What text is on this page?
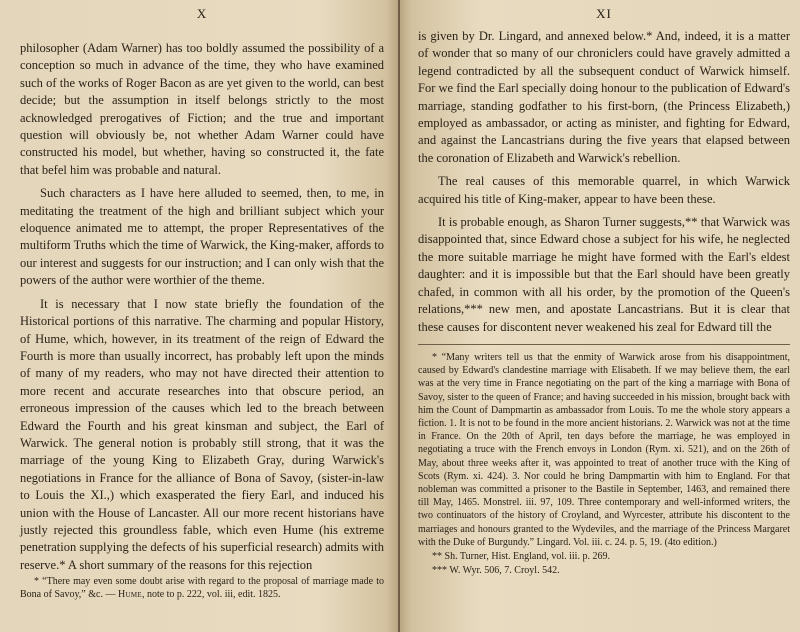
X

philosopher (Adam Warner) has too boldly assumed the possibility of a conception so much in advance of the time, they who have examined such of the works of Roger Bacon as are yet given to the world, can best decide; but the assumption in itself belongs strictly to the most acknowledged prerogatives of Fiction; and the true and important question will obviously be, not whether Adam Warner could have constructed his model, but whether, having so constructed it, the fate that befel him was probable and natural.

Such characters as I have here alluded to seemed, then, to me, in meditating the treatment of the high and brilliant subject which your eloquence animated me to attempt, the proper Representatives of the multiform Truths which the time of Warwick, the King-maker, affords to our interest and suggests for our instruction; and I can only wish that the powers of the author were worthier of the theme.

It is necessary that I now state briefly the foundation of the Historical portions of this narrative. The charming and popular History, of Hume, which, however, in its treatment of the reign of Edward the Fourth is more than usually incorrect, has probably left upon the minds of many of my readers, who may not have directed their attention to more recent and accurate researches into that obscure period, an erroneous impression of the causes which led to the breach between Edward the Fourth and his great kinsman and subject, the Earl of Warwick. The general notion is probably still strong, that it was the marriage of the young King to Elizabeth Gray, during Warwick's negotiations in France for the alliance of Bona of Savoy, (sister-in-law to Louis the XI.,) which exasperated the fiery Earl, and induced his union with the House of Lancaster. All our more recent historians have justly rejected this groundless fable, which even Hume (his extreme penetration supplying the defects of his superficial research) admits with reserve.* A short summary of the reasons for this rejection

* “There may even some doubt arise with regard to the proposal of marriage made to Bona of Savoy,” &c. — Hume, note to p. 222, vol. iii, edit. 1825.

XI

is given by Dr. Lingard, and annexed below.* And, indeed, it is a matter of wonder that so many of our chroniclers could have gravely admitted a legend contradicted by all the subsequent conduct of Warwick himself. For we find the Earl specially doing honour to the publication of Edward's marriage, standing godfather to his first-born, (the Princess Elizabeth,) employed as ambassador, or acting as minister, and fighting for Edward, and against the Lancastrians during the five years that elapsed between the coronation of Elizabeth and Warwick's rebellion.

The real causes of this memorable quarrel, in which Warwick acquired his title of King-maker, appear to have been these.

It is probable enough, as Sharon Turner suggests,** that Warwick was disappointed that, since Edward chose a subject for his wife, he neglected the more suitable marriage he might have formed with the Earl's eldest daughter: and it is impossible but that the Earl should have been greatly chafed, in common with all his order, by the promotion of the Queen's relations,*** new men, and apostate Lancastrians. But it is clear that these causes for discontent never weakened his zeal for Edward till the

* “Many writers tell us that the enmity of Warwick arose from his disappointment, caused by Edward's clandestine marriage with Elisabeth. If we may believe them, the earl was at the very time in France negotiating on the part of the king a marriage with Bona of Savoy, sister to the queen of France; and having succeeded in his mission, brought back with him the Count of Dampmartin as ambassador from Louis. To me the whole story appears a fiction. 1. It is not to be found in the more ancient historians. 2. Warwick was not at the time in France. On the 20th of April, ten days before the marriage, he was employed in negotiating a truce with the French envoys in London (Rym. xi. 521), and on the 26th of May, about three weeks after it, was appointed to treat of another truce with the King of Scots (Rym. xi. 424). 3. Nor could he bring Dampmartin with him to England. For that nobleman was committed a prisoner to the Bastile in September, 1463, and remained there till May, 1465. Monstrel. iii. 97, 109. Three contemporary and well-informed writers, the two continuators of the history of Croyland, and Wyrcester, attribute his discontent to the marriages and honours granted to the Wydeviles, and the marriage of the Princess Margaret with the Duke of Burgundy.” Lingard. Vol. iii. c. 24. p. 5, 19. (4to edition.)

** Sh. Turner, Hist. England, vol. iii. p. 269.

*** W. Wyr. 506, 7. Croyl. 542.
